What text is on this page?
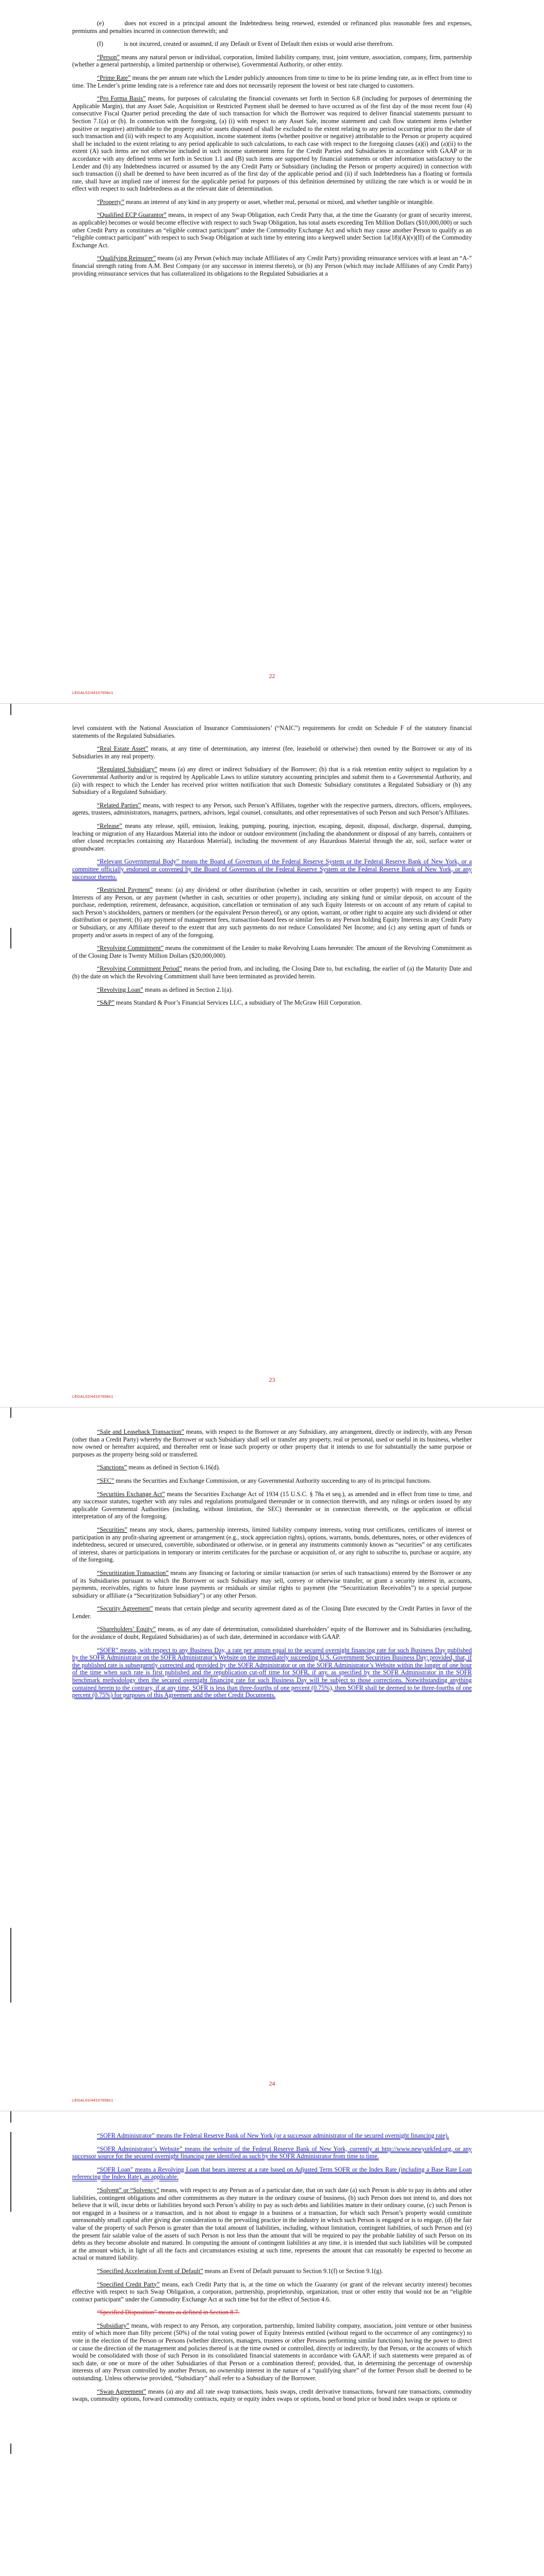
(e)	does not exceed in a principal amount the Indebtedness being renewed, extended or refinanced plus reasonable fees and expenses, premiums and penalties incurred in connection therewith; and

(f)	is not incurred, created or assumed, if any Default or Event of Default then exists or would arise therefrom.

“Person” means any natural person or individual, corporation, limited liability company, trust, joint venture, association, company, firm, partnership (whether a general partnership, a limited partnership or otherwise), Governmental Authority, or other entity.

“Prime Rate” means the per annum rate which the Lender publicly announces from time to time to be its prime lending rate, as in effect from time to time. The Lender’s prime lending rate is a reference rate and does not necessarily represent the lowest or best rate charged to customers.

“Pro Forma Basis” means, for purposes of calculating the financial covenants set forth in Section 6.8 (including for purposes of determining the Applicable Margin), that any Asset Sale, Acquisition or Restricted Payment shall be deemed to have occurred as of the first day of the most recent four (4) consecutive Fiscal Quarter period preceding the date of such transaction for which the Borrower was required to deliver financial statements pursuant to Section 7.1(a) or (b). In connection with the foregoing, (a) (i) with respect to any Asset Sale, income statement and cash flow statement items (whether positive or negative) attributable to the property and/or assets disposed of shall be excluded to the extent relating to any period occurring prior to the date of such transaction and (ii) with respect to any Acquisition, income statement items (whether positive or negative) attributable to the Person or property acquired shall be included to the extent relating to any period applicable to such calculations, to each case with respect to the foregoing clauses (a)(i) and (a)(ii) to the extent (A) such items are not otherwise included in such income statement items for the Credit Parties and Subsidiaries in accordance with GAAP or in accordance with any defined terms set forth in Section 1.1 and (B) such items are supported by financial statements or other information satisfactory to the Lender and (b) any Indebtedness incurred or assumed by the any Credit Party or Subsidiary (including the Person or property acquired) in connection with such transaction (i) shall be deemed to have been incurred as of the first day of the applicable period and (ii) if such Indebtedness has a floating or formula rate, shall have an implied rate of interest for the applicable period for purposes of this definition determined by utilizing the rate which is or would be in effect with respect to such Indebtedness as at the relevant date of determination.

“Property” means an interest of any kind in any property or asset, whether real, personal or mixed, and whether tangible or intangible.

“Qualified ECP Guarantor” means, in respect of any Swap Obligation, each Credit Party that, at the time the Guaranty (or grant of security interest, as applicable) becomes or would become effective with respect to such Swap Obligation, has total assets exceeding Ten Million Dollars ($10,000,000) or such other Credit Party as constitutes an “eligible contract participant” under the Commodity Exchange Act and which may cause another Person to qualify as an “eligible contract participant” with respect to such Swap Obligation at such time by entering into a keepwell under Section 1a(18)(A)(v)(II) of the Commodity Exchange Act.

“Qualifying Reinsurer” means (a) any Person (which may include Affiliates of any Credit Party) providing reinsurance services with at least an “A-” financial strength rating from A.M. Best Company (or any successor in interest thereto), or (b) any Person (which may include Affiliates of any Credit Party) providing reinsurance services that has collateralized its obligations to the Regulated Subsidiaries at a

22
LEGAL02/44107658v1

level consistent with the National Association of Insurance Commissioners’ (“NAIC”) requirements for credit on Schedule F of the statutory financial statements of the Regulated Subsidiaries.

“Real Estate Asset” means, at any time of determination, any interest (fee, leasehold or otherwise) then owned by the Borrower or any of its Subsidiaries in any real property.

“Regulated Subsidiary” means (a) any direct or indirect Subsidiary of the Borrower; (b) that is a risk retention entity subject to regulation by a Governmental Authority and/or is required by Applicable Laws to utilize statutory accounting principles and submit them to a Governmental Authority, and (ii) with respect to which the Lender has received prior written notification that such Domestic Subsidiary constitutes a Regulated Subsidiary or (b) any Subsidiary of a Regulated Subsidiary.

“Related Parties” means, with respect to any Person, such Person’s Affiliates, together with the respective partners, directors, officers, employees, agents, trustees, administrators, managers, partners, advisors, legal counsel, consultants, and other representatives of such Person and such Person’s Affiliates.

“Release” means any release, spill, emission, leaking, pumping, pouring, injection, escaping, deposit, disposal, discharge, dispersal, dumping, leaching or migration of any Hazardous Material into the indoor or outdoor environment (including the abandonment or disposal of any barrels, containers or other closed receptacles containing any Hazardous Material), including the movement of any Hazardous Material through the air, soil, surface water or groundwater.

“Relevant Governmental Body” means the Board of Governors of the Federal Reserve System or the Federal Reserve Bank of New York, or a committee officially endorsed or convened by the Board of Governors of the Federal Reserve System or the Federal Reserve Bank of New York, or any successor thereto.

“Restricted Payment” means: (a) any dividend or other distribution (whether in cash, securities or other property) with respect to any Equity Interests of any Person, or any payment (whether in cash, securities or other property), including any sinking fund or similar deposit, on account of the purchase, redemption, retirement, defeasance, acquisition, cancellation or termination of any such Equity Interests or on account of any return of capital to such Person’s stockholders, partners or members (or the equivalent Person thereof), or any option, warrant, or other right to acquire any such dividend or other distribution or payment; (b) any payment of management fees, transaction-based fees or similar fees to any Person holding Equity Interests in any Credit Party or Subsidiary, or any Affiliate thereof to the extent that any such payments do not reduce Consolidated Net Income; and (c) any setting apart of funds or property and/or assets in respect of any of the foregoing.

“Revolving Commitment” means the commitment of the Lender to make Revolving Loans hereunder. The amount of the Revolving Commitment as of the Closing Date is Twenty Million Dollars ($20,000,000).

“Revolving Commitment Period” means the period from, and including, the Closing Date to, but excluding, the earlier of (a) the Maturity Date and (b) the date on which the Revolving Commitment shall have been terminated as provided herein.

“Revolving Loan” means as defined in Section 2.1(a).

“S&P” means Standard & Poor’s Financial Services LLC, a subsidiary of The McGraw Hill Corporation.

23
LEGAL02/44107658v1

“Sale and Leaseback Transaction” means, with respect to the Borrower or any Subsidiary, any arrangement, directly or indirectly, with any Person (other than a Credit Party) whereby the Borrower or such Subsidiary shall sell or transfer any property, real or personal, used or useful in its business, whether now owned or hereafter acquired, and thereafter rent or lease such property or other property that it intends to use for substantially the same purpose or purposes as the property being sold or transferred.

“Sanctions” means as defined in Section 6.16(d).

“SEC” means the Securities and Exchange Commission, or any Governmental Authority succeeding to any of its principal functions.

“Securities Exchange Act” means the Securities Exchange Act of 1934 (15 U.S.C. § 78a et seq.), as amended and in effect from time to time, and any successor statutes, together with any rules and regulations promulgated thereunder or in connection therewith, and any rulings or orders issued by any applicable Governmental Authorities (including, without limitation, the SEC) thereunder or in connection therewith, or the application or official interpretation of any of the foregoing.

“Securities” means any stock, shares, partnership interests, limited liability company interests, voting trust certificates, certificates of interest or participation in any profit-sharing agreement or arrangement (e.g., stock appreciation rights), options, warrants, bonds, debentures, notes, or other evidences of indebtedness, secured or unsecured, convertible, subordinated or otherwise, or in general any instruments commonly known as “securities” or any certificates of interest, shares or participations in temporary or interim certificates for the purchase or acquisition of, or any right to subscribe to, purchase or acquire, any of the foregoing.

“Securitization Transaction” means any financing or factoring or similar transaction (or series of such transactions) entered by the Borrower or any of its Subsidiaries pursuant to which the Borrower or such Subsidiary may sell, convey or otherwise transfer, or grant a security interest in, accounts, payments, receivables, rights to future lease payments or residuals or similar rights to payment (the “Securitization Receivables”) to a special purpose subsidiary or affiliate (a “Securitization Subsidiary”) or any other Person.

“Security Agreement” means that certain pledge and security agreement dated as of the Closing Date executed by the Credit Parties in favor of the Lender.

“Shareholders’ Equity” means, as of any date of determination, consolidated shareholders’ equity of the Borrower and its Subsidiaries (excluding, for the avoidance of doubt, Regulated Subsidiaries) as of such date, determined in accordance with GAAP.

“SOFR” means, with respect to any Business Day, a rate per annum equal to the secured overnight financing rate for such Business Day published by the SOFR Administrator on the SOFR Administrator’s Website on the immediately succeeding U.S. Government Securities Business Day; provided, that, if the published rate is subsequently corrected and provided by the SOFR Administrator or on the SOFR Administrator’s Website within the longer of one hour of the time when such rate is first published and the republication cut-off time for SOFR, if any, as specified by the SOFR Administrator in the SOFR benchmark methodology then the secured overnight financing rate for such Business Day will be subject to those corrections. Notwithstanding anything contained herein to the contrary, if at any time, SOFR is less than three-fourths of one percent (0.75%), then SOFR shall be deemed to be three-fourths of one percent (0.75%) for purposes of this Agreement and the other Credit Documents.

24
LEGAL02/44107658v1

“SOFR Administrator” means the Federal Reserve Bank of New York (or a successor administrator of the secured overnight financing rate).

“SOFR Administrator’s Website” means the website of the Federal Reserve Bank of New York, currently at http://www.newyorkfed.org, or any successor source for the secured overnight financing rate identified as such by the SOFR Administrator from time to time.

“SOFR Loan” means a Revolving Loan that bears interest at a rate based on Adjusted Term SOFR or the Index Rate (including a Base Rate Loan referencing the Index Rate), as applicable.

“Solvent” or “Solvency” means, with respect to any Person as of a particular date, that on such date (a) such Person is able to pay its debts and other liabilities, contingent obligations and other commitments as they mature in the ordinary course of business, (b) such Person does not intend to, and does not believe that it will, incur debts or liabilities beyond such Person’s ability to pay as such debts and liabilities mature in their ordinary course, (c) such Person is not engaged in a business or a transaction, and is not about to engage in a business or a transaction, for which such Person’s property would constitute unreasonably small capital after giving due consideration to the prevailing practice in the industry in which such Person is engaged or is to engage, (d) the fair value of the property of such Person is greater than the total amount of liabilities, including, without limitation, contingent liabilities, of such Person and (e) the present fair salable value of the assets of such Person is not less than the amount that will be required to pay the probable liability of such Person on its debts as they become absolute and matured. In computing the amount of contingent liabilities at any time, it is intended that such liabilities will be computed at the amount which, in light of all the facts and circumstances existing at such time, represents the amount that can reasonably be expected to become an actual or matured liability.

“Specified Acceleration Event of Default” means an Event of Default pursuant to Section 9.1(f) or Section 9.1(g).

“Specified Credit Party” means, each Credit Party that is, at the time on which the Guaranty (or grant of the relevant security interest) becomes effective with respect to such Swap Obligation, a corporation, partnership, proprietorship, organization, trust or other entity that would not be an “eligible contract participant” under the Commodity Exchange Act at such time but for the effect of Section 4.6.

“Specified Disposition” means as defined in Section 8.7.

“Subsidiary” means, with respect to any Person, any corporation, partnership, limited liability company, association, joint venture or other business entity of which more than fifty percent (50%) of the total voting power of Equity Interests entitled (without regard to the occurrence of any contingency) to vote in the election of the Person or Persons (whether directors, managers, trustees or other Persons performing similar functions) having the power to direct or cause the direction of the management and policies thereof is at the time owned or controlled, directly or indirectly, by that Person, or the accounts of which would be consolidated with those of such Person in its consolidated financial statements in accordance with GAAP, if such statements were prepared as of such date, or one or more of the other Subsidiaries of that Person or a combination thereof; provided, that, in determining the percentage of ownership interests of any Person controlled by another Person, no ownership interest in the nature of a “qualifying share” of the former Person shall be deemed to be outstanding. Unless otherwise provided, “Subsidiary” shall refer to a Subsidiary of the Borrower.

“Swap Agreement” means (a) any and all rate swap transactions, basis swaps, credit derivative transactions, forward rate transactions, commodity swaps, commodity options, forward commodity contracts, equity or equity index swaps or options, bond or bond price or bond index swaps or options or
